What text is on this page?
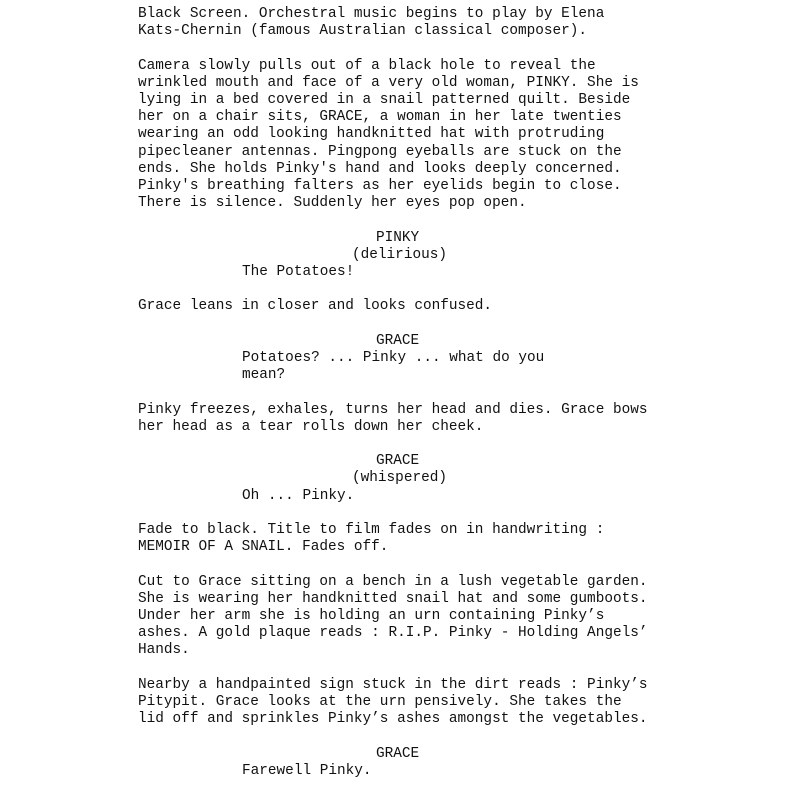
Black Screen. Orchestral music begins to play by Elena
Kats-Chernin (famous Australian classical composer).

Camera slowly pulls out of a black hole to reveal the
wrinkled mouth and face of a very old woman, PINKY. She is
lying in a bed covered in a snail patterned quilt. Beside
her on a chair sits, GRACE, a woman in her late twenties
wearing an odd looking handknitted hat with protruding
pipecleaner antennas. Pingpong eyeballs are stuck on the
ends. She holds Pinky's hand and looks deeply concerned.
Pinky's breathing falters as her eyelids begin to close.
There is silence. Suddenly her eyes pop open.

PINKY

(delirious)

The Potatoes!

Grace leans in closer and looks confused.

GRACE

Potatoes? ... Pinky ... what do you
mean?

Pinky freezes, exhales, turns her head and dies. Grace bows
her head as a tear rolls down her cheek.

GRACE

(whispered)

Oh ... Pinky.

Fade to black. Title to film fades on in handwriting :
MEMOIR OF A SNAIL. Fades off.

Cut to Grace sitting on a bench in a lush vegetable garden.
She is wearing her handknitted snail hat and some gumboots.
Under her arm she is holding an urn containing Pinky’s
ashes. A gold plaque reads : R.I.P. Pinky - Holding Angels’
Hands.

Nearby a handpainted sign stuck in the dirt reads : Pinky’s
Pitypit. Grace looks at the urn pensively. She takes the
lid off and sprinkles Pinky’s ashes amongst the vegetables.

GRACE

Farewell Pinky.
